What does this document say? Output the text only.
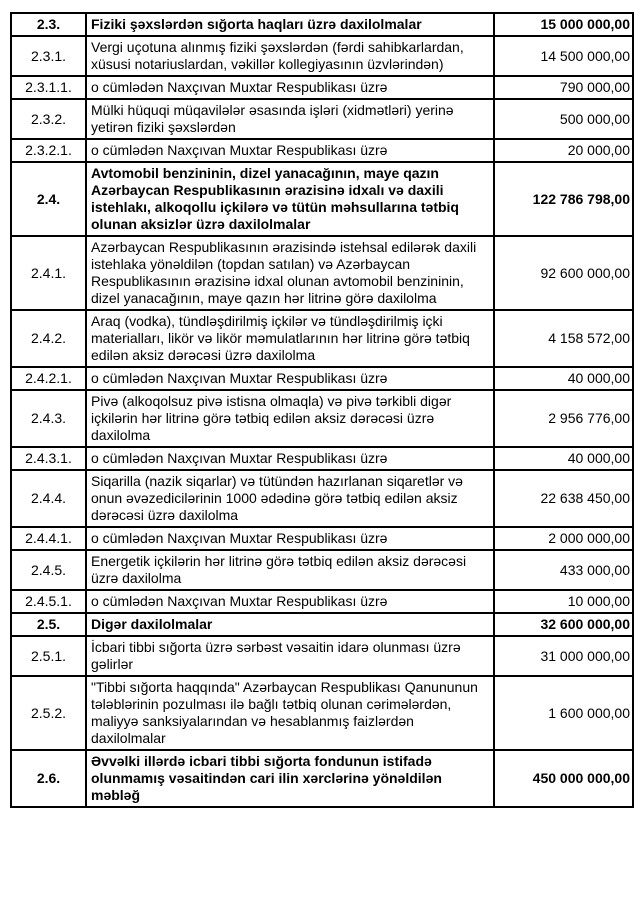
2.3.	Fiziki şəxslərdən sığorta haqları üzrə daxilolmalar	15 000 000,00
2.3.1.	Vergi uçotuna alınmış fiziki şəxslərdən (fərdi sahibkarlardan, xüsusi notariuslardan, vəkillər kollegiyasının üzvlərindən)	14 500 000,00
2.3.1.1.	o cümlədən Naxçıvan Muxtar Respublikası üzrə	790 000,00
2.3.2.	Mülki hüquqi müqavilələr əsasında işləri (xidmətləri) yerinə yetirən fiziki şəxslərdən	500 000,00
2.3.2.1.	o cümlədən Naxçıvan Muxtar Respublikası üzrə	20 000,00
2.4.	Avtomobil benzininin, dizel yanacağının, maye qazın Azərbaycan Respublikasının ərazisinə idxalı və daxili istehlakı, alkoqollu içkilərə və tütün məhsullarına tətbiq olunan aksizlər üzrə daxilolmalar	122 786 798,00
2.4.1.	Azərbaycan Respublikasının ərazisində istehsal edilərək daxili istehlaka yönəldilən (topdan satılan) və Azərbaycan Respublikasının ərazisinə idxal olunan avtomobil benzininin, dizel yanacağının, maye qazın hər litrinə görə daxilolma	92 600 000,00
2.4.2.	Araq (vodka), tündləşdirilmiş içkilər və tündləşdirilmiş içki materialları, likör və likör məmulatlarının hər litrinə görə tətbiq edilən aksiz dərəcəsi üzrə daxilolma	4 158 572,00
2.4.2.1.	o cümlədən Naxçıvan Muxtar Respublikası üzrə	40 000,00
2.4.3.	Pivə (alkoqolsuz pivə istisna olmaqla) və pivə tərkibli digər içkilərin hər litrinə görə tətbiq edilən aksiz dərəcəsi üzrə daxilolma	2 956 776,00
2.4.3.1.	o cümlədən Naxçıvan Muxtar Respublikası üzrə	40 000,00
2.4.4.	Siqarilla (nazik siqarlar) və tütündən hazırlanan siqaretlər və onun əvəzedicilərinin 1000 ədədinə görə tətbiq edilən aksiz dərəcəsi üzrə daxilolma	22 638 450,00
2.4.4.1.	o cümlədən Naxçıvan Muxtar Respublikası üzrə	2 000 000,00
2.4.5.	Energetik içkilərin hər litrinə görə tətbiq edilən aksiz dərəcəsi üzrə daxilolma	433 000,00
2.4.5.1.	o cümlədən Naxçıvan Muxtar Respublikası üzrə	10 000,00
2.5.	Digər daxilolmalar	32 600 000,00
2.5.1.	İcbari tibbi sığorta üzrə sərbəst vəsaitin idarə olunması üzrə gəlirlər	31 000 000,00
2.5.2.	"Tibbi sığorta haqqında" Azərbaycan Respublikası Qanununun tələblərinin pozulması ilə bağlı tətbiq olunan cərimələrdən, maliyyə sanksiyalarından və hesablanmış faizlərdən daxilolmalar	1 600 000,00
2.6.	Əvvəlki illərdə icbari tibbi sığorta fondunun istifadə olunmamış vəsaitindən cari ilin xərclərinə yönəldilən məbləğ	450 000 000,00
